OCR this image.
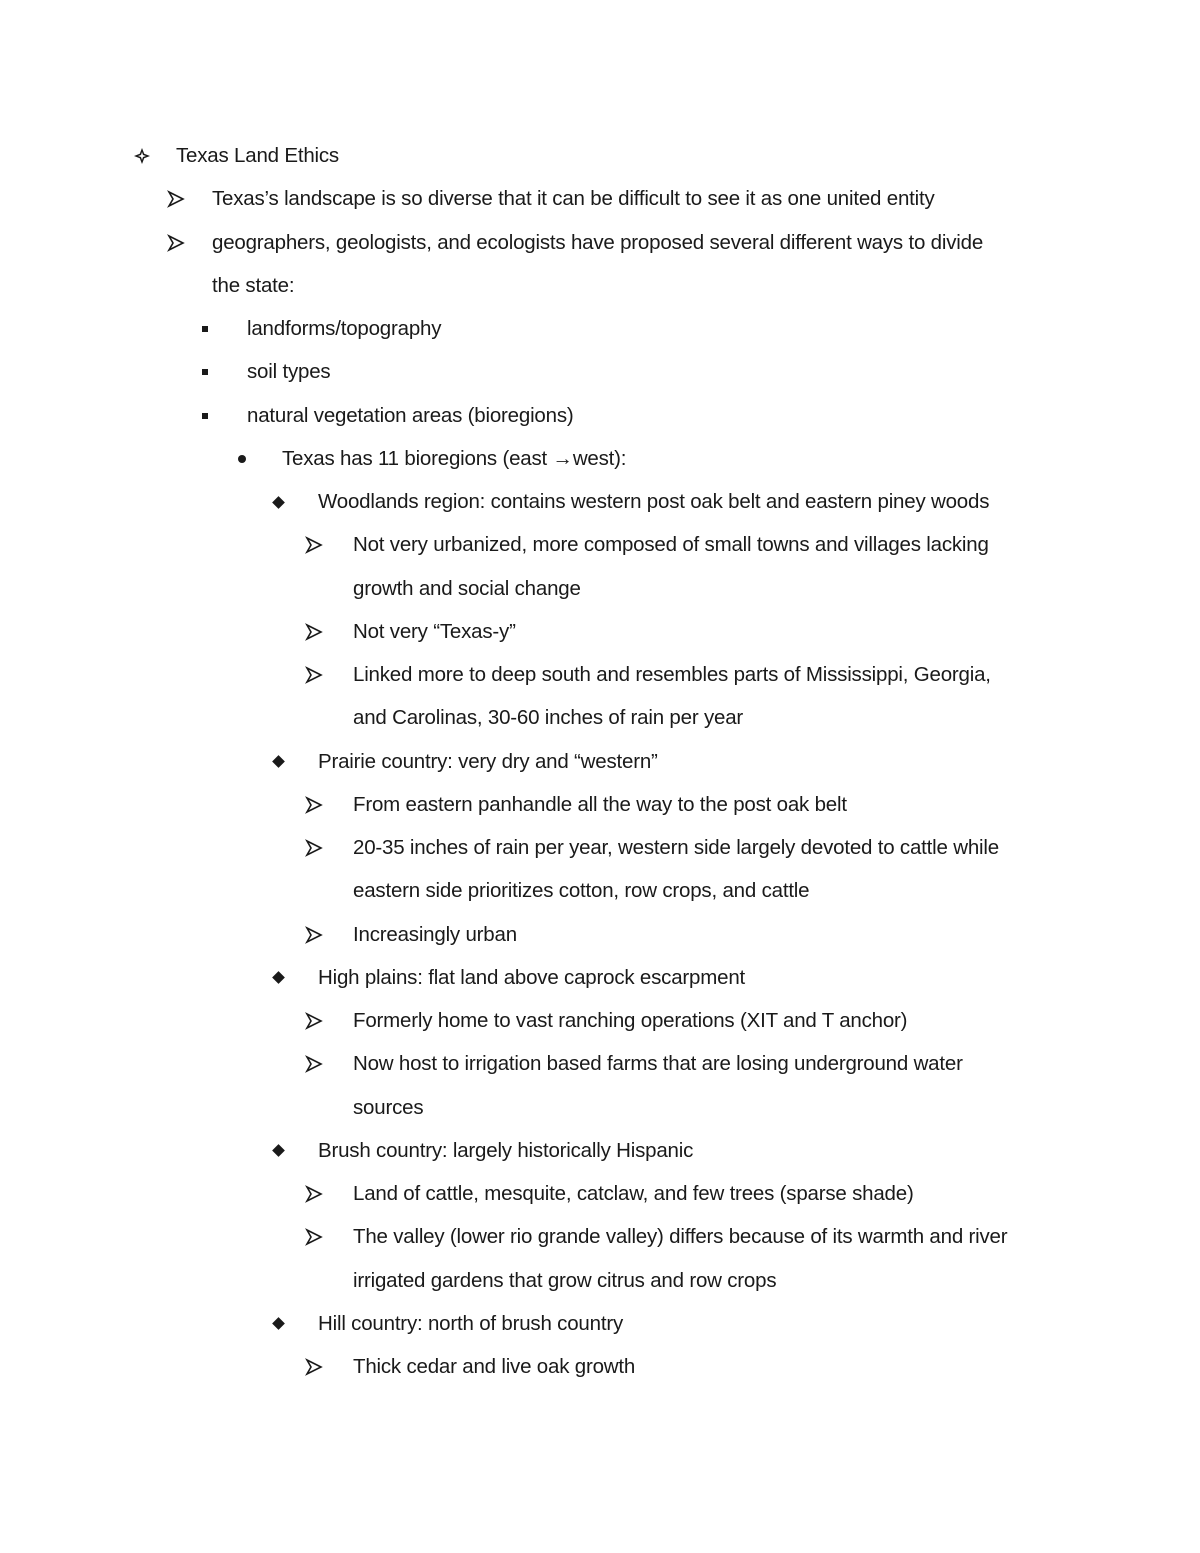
Texas Land Ethics
Texas’s landscape is so diverse that it can be difficult to see it as one united entity
geographers, geologists, and ecologists have proposed several different ways to divide
the state:
landforms/topography
soil types
natural vegetation areas (bioregions)
Texas has 11 bioregions (east →west):
Woodlands region: contains western post oak belt and eastern piney woods
Not very urbanized, more composed of small towns and villages lacking
growth and social change
Not very “Texas-y”
Linked more to deep south and resembles parts of Mississippi, Georgia,
and Carolinas, 30-60 inches of rain per year
Prairie country: very dry and “western”
From eastern panhandle all the way to the post oak belt
20-35 inches of rain per year, western side largely devoted to cattle while
eastern side prioritizes cotton, row crops, and cattle
Increasingly urban
High plains: flat land above caprock escarpment
Formerly home to vast ranching operations (XIT and T anchor)
Now host to irrigation based farms that are losing underground water
sources
Brush country: largely historically Hispanic
Land of cattle, mesquite, catclaw, and few trees (sparse shade)
The valley (lower rio grande valley) differs because of its warmth and river
irrigated gardens that grow citrus and row crops
Hill country: north of brush country
Thick cedar and live oak growth
